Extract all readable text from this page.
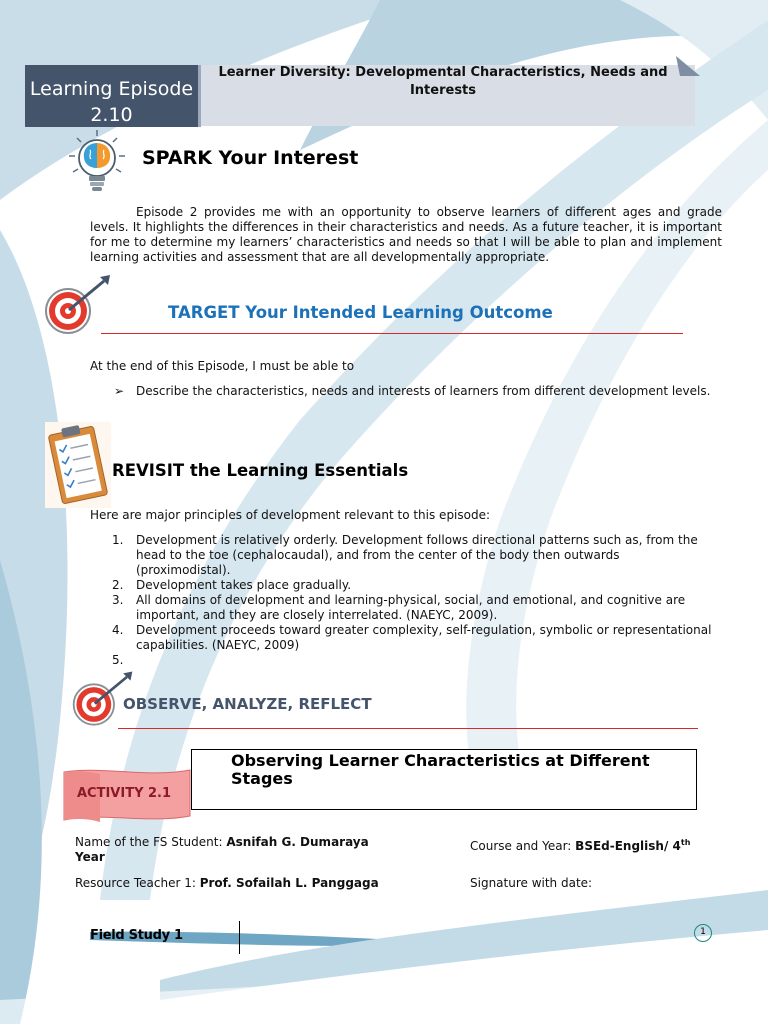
Learning Episode 2.10
Learner Diversity: Developmental Characteristics, Needs and Interests
SPARK Your Interest
Episode 2 provides me with an opportunity to observe learners of different ages and grade levels. It highlights the differences in their characteristics and needs. As a future teacher, it is important for me to determine my learners’ characteristics and needs so that I will be able to plan and implement learning activities and assessment that are all developmentally appropriate.
TARGET Your Intended Learning Outcome
At the end of this Episode, I must be able to
➢ Describe the characteristics, needs and interests of learners from different development levels.
REVISIT the Learning Essentials
Here are major principles of development relevant to this episode:
1.	Development is relatively orderly. Development follows directional patterns such as, from the head to the toe (cephalocaudal), and from the center of the body then outwards (proximodistal).
2.	Development takes place gradually.
3.	All domains of development and learning-physical, social, and emotional, and cognitive are important, and they are closely interrelated. (NAEYC, 2009).
4.	Development proceeds toward greater complexity, self-regulation, symbolic or representational capabilities. (NAEYC, 2009)
5.
OBSERVE, ANALYZE, REFLECT
Observing Learner Characteristics at Different Stages
ACTIVITY 2.1
Name of the FS Student: Asnifah G. Dumaraya
Year
Course and Year: BSEd-English/ 4th
Resource Teacher 1: Prof. Sofailah L. Panggaga	Signature with date:
Field Study 1	1
